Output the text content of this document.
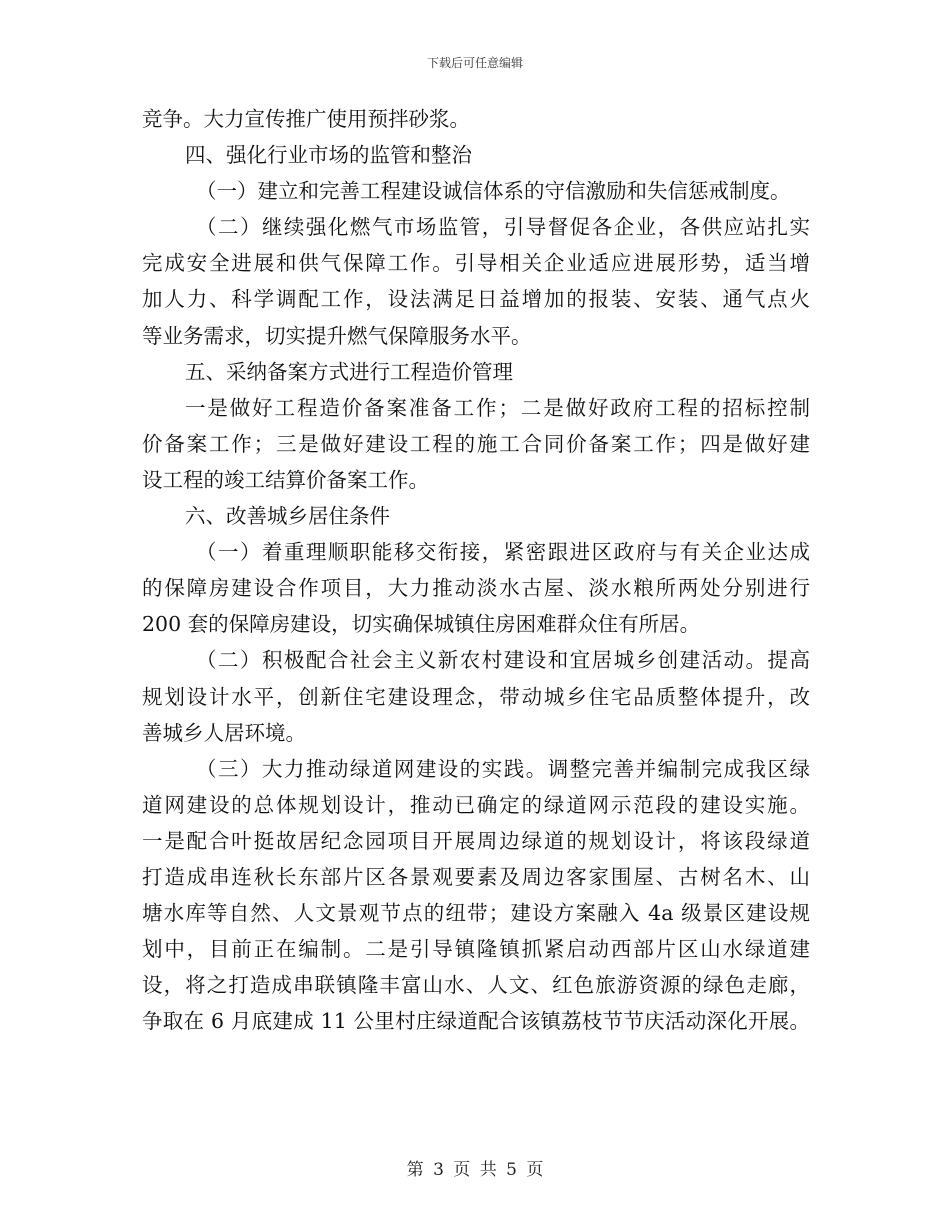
下载后可任意编辑
竞争。大力宣传推广使用预拌砂浆。
四、强化行业市场的监管和整治
（一）建立和完善工程建设诚信体系的守信激励和失信惩戒制度。
（二）继续强化燃气市场监管，引导督促各企业，各供应站扎实
完成安全进展和供气保障工作。引导相关企业适应进展形势，适当增
加人力、科学调配工作，设法满足日益增加的报装、安装、通气点火
等业务需求，切实提升燃气保障服务水平。
五、采纳备案方式进行工程造价管理
一是做好工程造价备案准备工作；二是做好政府工程的招标控制
价备案工作；三是做好建设工程的施工合同价备案工作；四是做好建
设工程的竣工结算价备案工作。
六、改善城乡居住条件
（一）着重理顺职能移交衔接，紧密跟进区政府与有关企业达成
的保障房建设合作项目，大力推动淡水古屋、淡水粮所两处分别进行
200 套的保障房建设，切实确保城镇住房困难群众住有所居。
（二）积极配合社会主义新农村建设和宜居城乡创建活动。提高
规划设计水平，创新住宅建设理念，带动城乡住宅品质整体提升，改
善城乡人居环境。
（三）大力推动绿道网建设的实践。调整完善并编制完成我区绿
道网建设的总体规划设计，推动已确定的绿道网示范段的建设实施。
一是配合叶挺故居纪念园项目开展周边绿道的规划设计，将该段绿道
打造成串连秋长东部片区各景观要素及周边客家围屋、古树名木、山
塘水库等自然、人文景观节点的纽带；建设方案融入 4a 级景区建设规
划中，目前正在编制。二是引导镇隆镇抓紧启动西部片区山水绿道建
设，将之打造成串联镇隆丰富山水、人文、红色旅游资源的绿色走廊，
争取在 6 月底建成 11 公里村庄绿道配合该镇荔枝节节庆活动深化开展。
第 3 页 共 5 页
